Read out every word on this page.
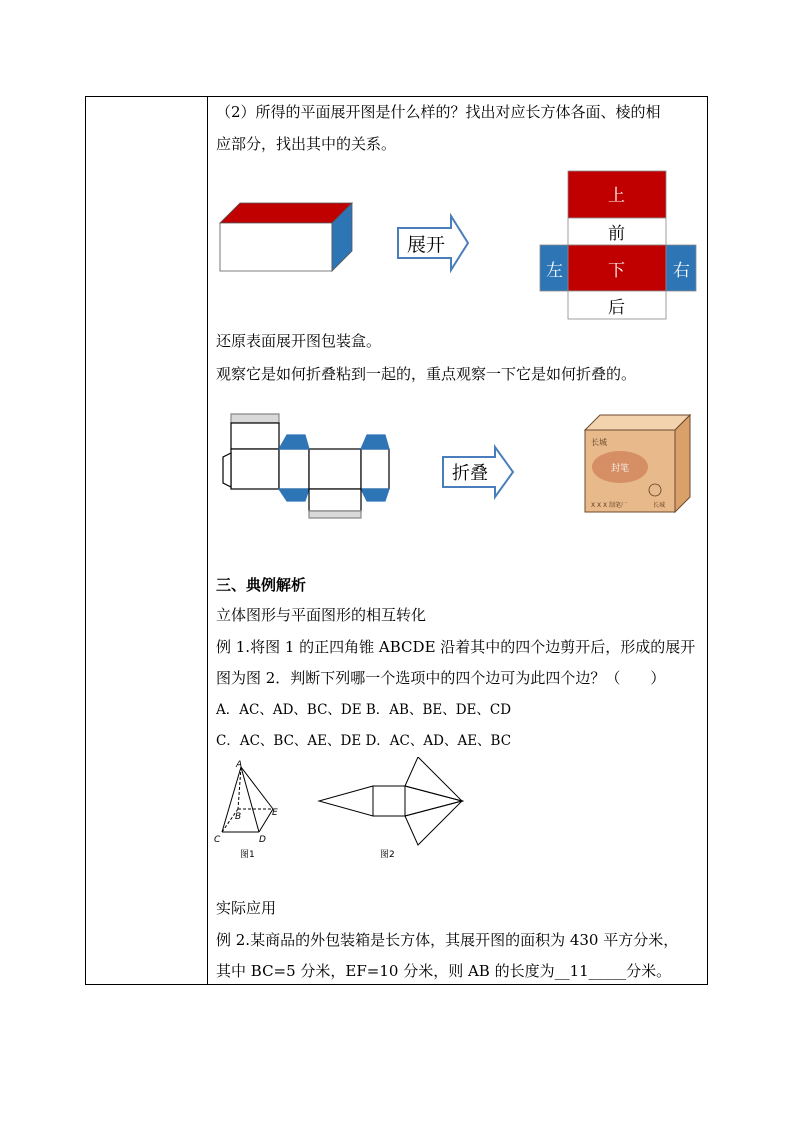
（2）所得的平面展开图是什么样的？找出对应长方体各面、棱的相
应部分，找出其中的关系。
展开
上
前
下
左	右
后
还原表面展开图包装盒。
观察它是如何折叠粘到一起的，重点观察一下它是如何折叠的。
折叠
长城
封笔
X X X 制笔厂	长城
三、典例解析
立体图形与平面图形的相互转化
例 1.将图 1 的正四角锥 ABCDE 沿着其中的四个边剪开后，形成的展开
图为图 2．判断下列哪一个选项中的四个边可为此四个边？（　　）
A．AC、AD、BC、DE B．AB、BE、DE、CD
C．AC、BC、AE、DE D．AC、AD、AE、BC
A
B
C	D
E
图1	图2
实际应用
例 2.某商品的外包装箱是长方体，其展开图的面积为 430 平方分米，
其中 BC=5 分米，EF=10 分米，则 AB 的长度为__11_____分米。
